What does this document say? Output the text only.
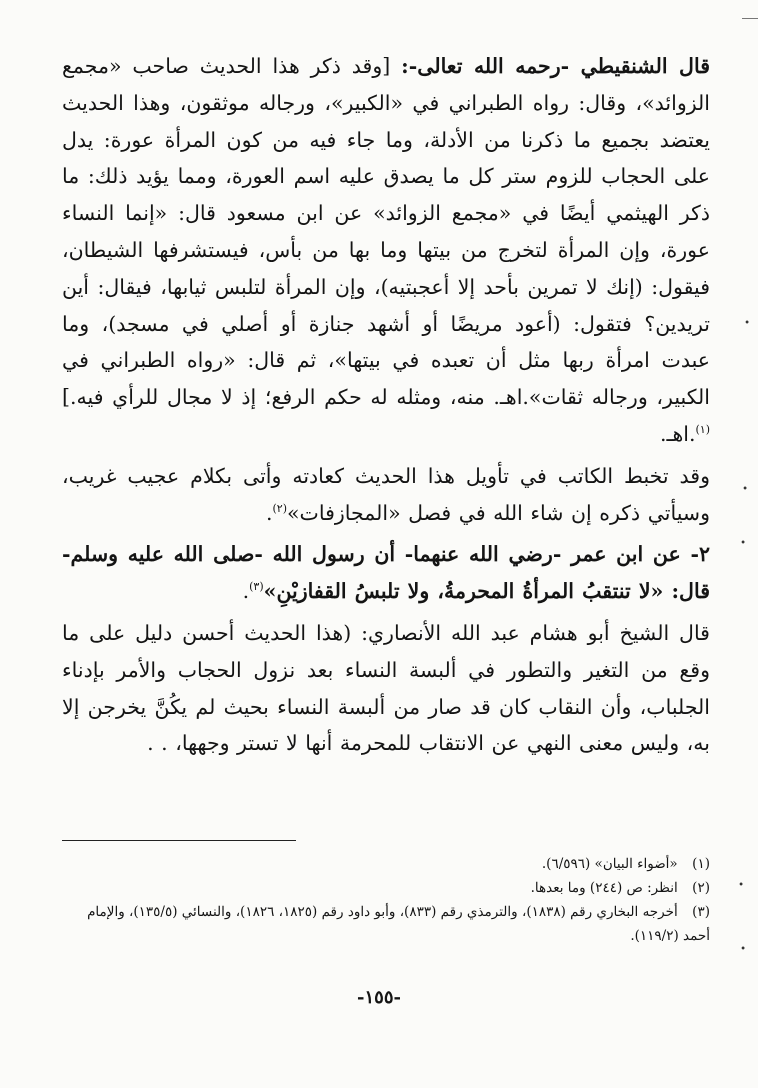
قال الشنقيطي -رحمه الله تعالى-: [وقد ذكر هذا الحديث صاحب «مجمع الزوائد»، وقال: رواه الطبراني في «الكبير»، ورجاله موثقون، وهذا الحديث يعتضد بجميع ما ذكرنا من الأدلة، وما جاء فيه من كون المرأة عورة: يدل على الحجاب للزوم ستر كل ما يصدق عليه اسم العورة، ومما يؤيد ذلك: ما ذكر الهيثمي أيضًا في «مجمع الزوائد» عن ابن مسعود قال: «إنما النساء عورة، وإن المرأة لتخرج من بيتها وما بها من بأس، فيستشرفها الشيطان، فيقول: (إنك لا تمرين بأحد إلا أعجبتيه)، وإن المرأة لتلبس ثيابها، فيقال: أين تريدين؟ فتقول: (أعود مريضًا أو أشهد جنازة أو أصلي في مسجد)، وما عبدت امرأة ربها مثل أن تعبده في بيتها»، ثم قال: «رواه الطبراني في الكبير، ورجاله ثقات».اهـ. منه، ومثله له حكم الرفع؛ إذ لا مجال للرأي فيه.]$^{(١)}$.اهـ.

وقد تخبط الكاتب في تأويل هذا الحديث كعادته وأتى بكلام عجيب غريب، وسيأتي ذكره إن شاء الله في فصل «المجازفات»$^{(٢)}$.

٢- عن ابن عمر -رضي الله عنهما- أن رسول الله -صلى الله عليه وسلم- قال: «لا تنتقبُ المرأةُ المحرمةُ، ولا تلبسُ القفازيْنِ»$^{(٣)}$.

قال الشيخ أبو هشام عبد الله الأنصاري: (هذا الحديث أحسن دليل على ما وقع من التغير والتطور في ألبسة النساء بعد نزول الحجاب والأمر بإدناء الجلباب، وأن النقاب كان قد صار من ألبسة النساء بحيث لم يكُنَّ يخرجن إلا به، وليس معنى النهي عن الانتقاب للمحرمة أنها لا تستر وجهها، . .

(١) «أضواء البيان» (٦/٥٩٦).

(٢) انظر: ص (٢٤٤) وما بعدها.

(٣) أخرجه البخاري رقم (١٨٣٨)، والترمذي رقم (٨٣٣)، وأبو داود رقم (١٨٢٥، ١٨٢٦)، والنسائي (١٣٥/٥)، والإمام أحمد (١١٩/٢).

-١٥٥-
•
•
•
•
•
